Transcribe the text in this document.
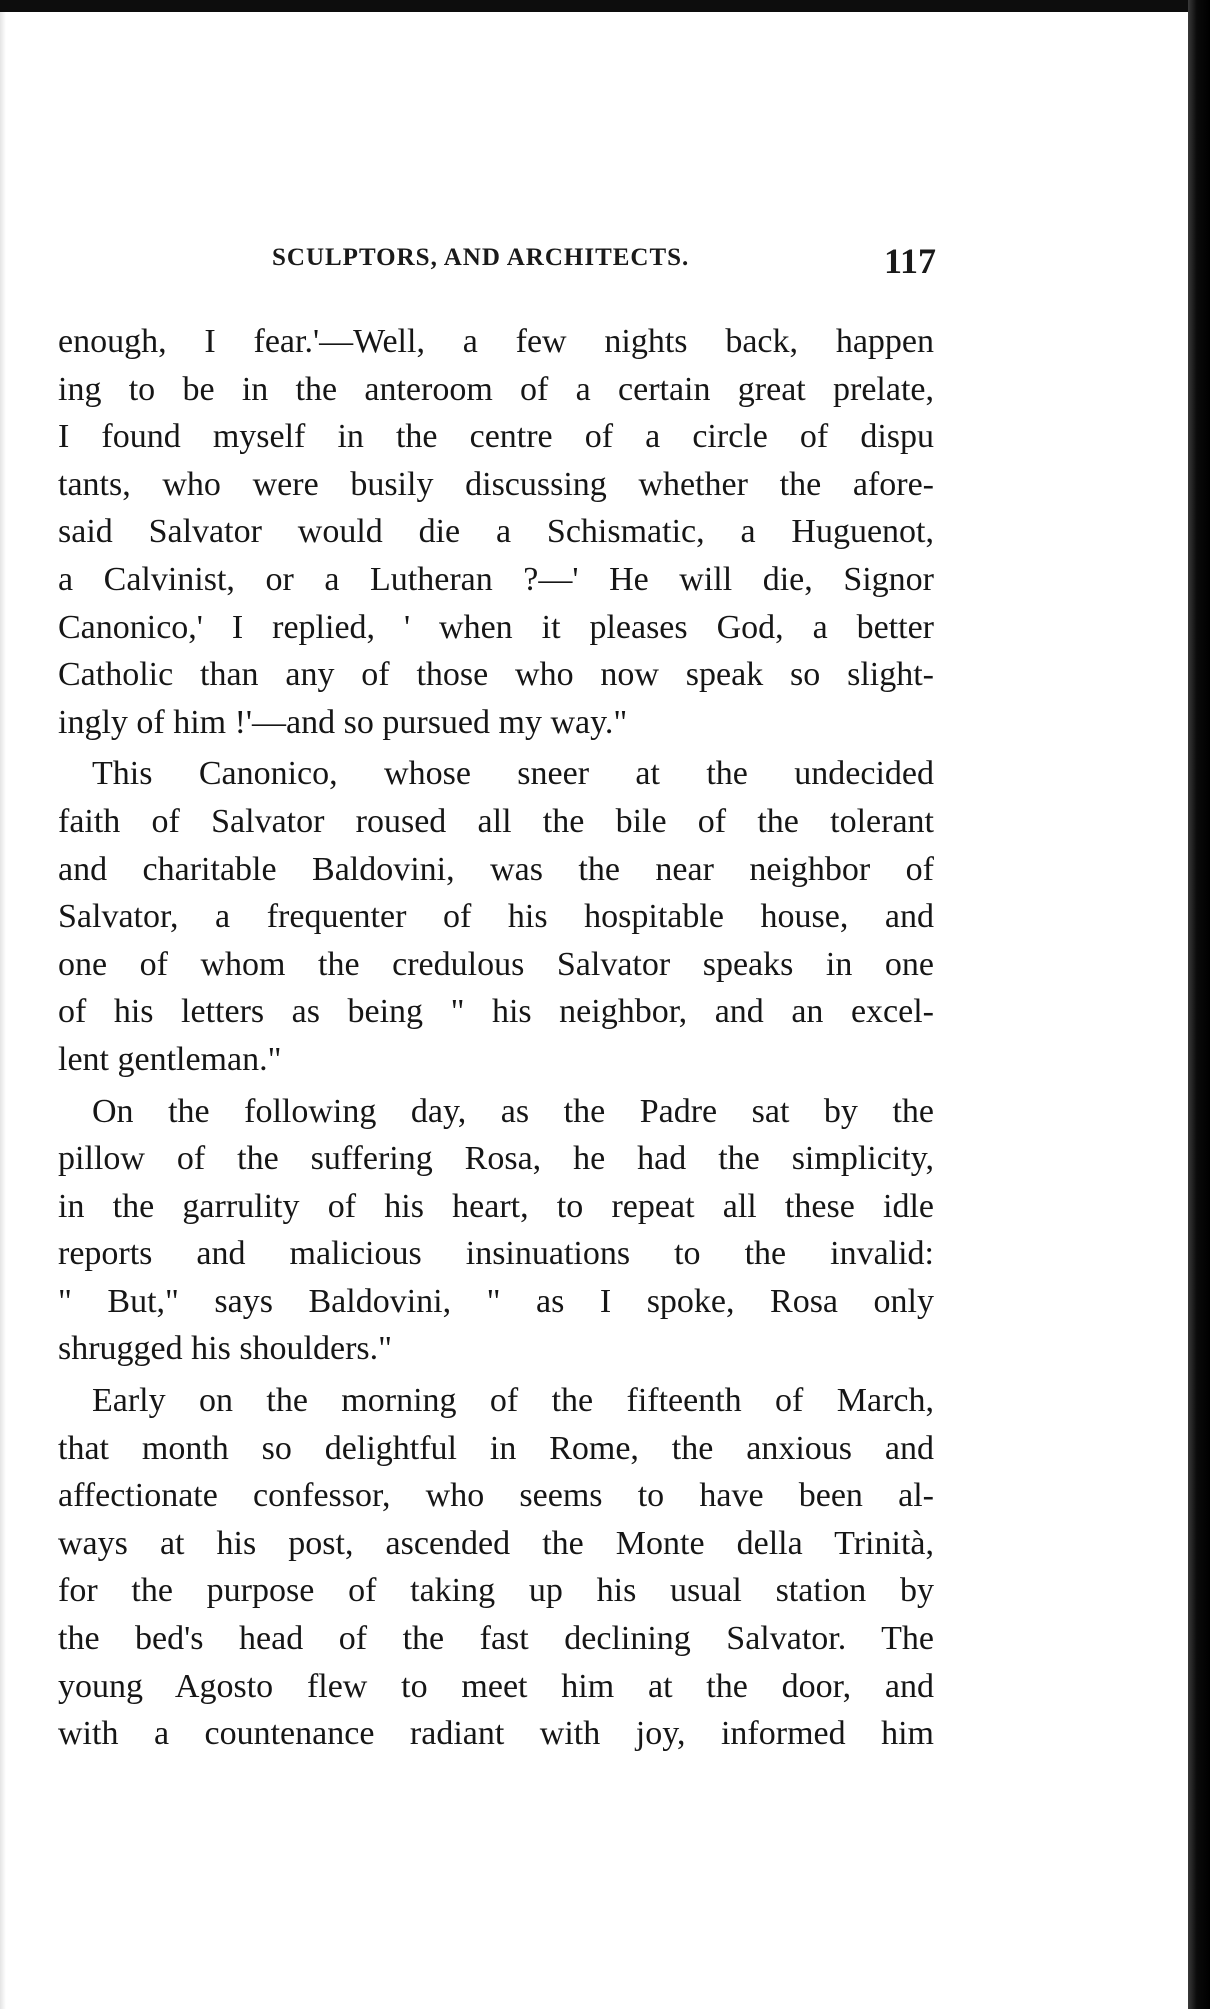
SCULPTORS, AND ARCHITECTS.	117
enough, I fear.'—Well, a few nights back, happen
ing to be in the anteroom of a certain great prelate,
I found myself in the centre of a circle of dispu
tants, who were busily discussing whether the afore-
said Salvator would die a Schismatic, a Huguenot,
a Calvinist, or a Lutheran ?—' He will die, Signor
Canonico,' I replied, ' when it pleases God, a better
Catholic than any of those who now speak so slight-
ingly of him !'—and so pursued my way."
This Canonico, whose sneer at the undecided
faith of Salvator roused all the bile of the tolerant
and charitable Baldovini, was the near neighbor of
Salvator, a frequenter of his hospitable house, and
one of whom the credulous Salvator speaks in one
of his letters as being " his neighbor, and an excel-
lent gentleman."
On the following day, as the Padre sat by the
pillow of the suffering Rosa, he had the simplicity,
in the garrulity of his heart, to repeat all these idle
reports and malicious insinuations to the invalid:
" But," says Baldovini, " as I spoke, Rosa only
shrugged his shoulders."
Early on the morning of the fifteenth of March,
that month so delightful in Rome, the anxious and
affectionate confessor, who seems to have been al-
ways at his post, ascended the Monte della Trinità,
for the purpose of taking up his usual station by
the bed's head of the fast declining Salvator. The
young Agosto flew to meet him at the door, and
with a countenance radiant with joy, informed him
